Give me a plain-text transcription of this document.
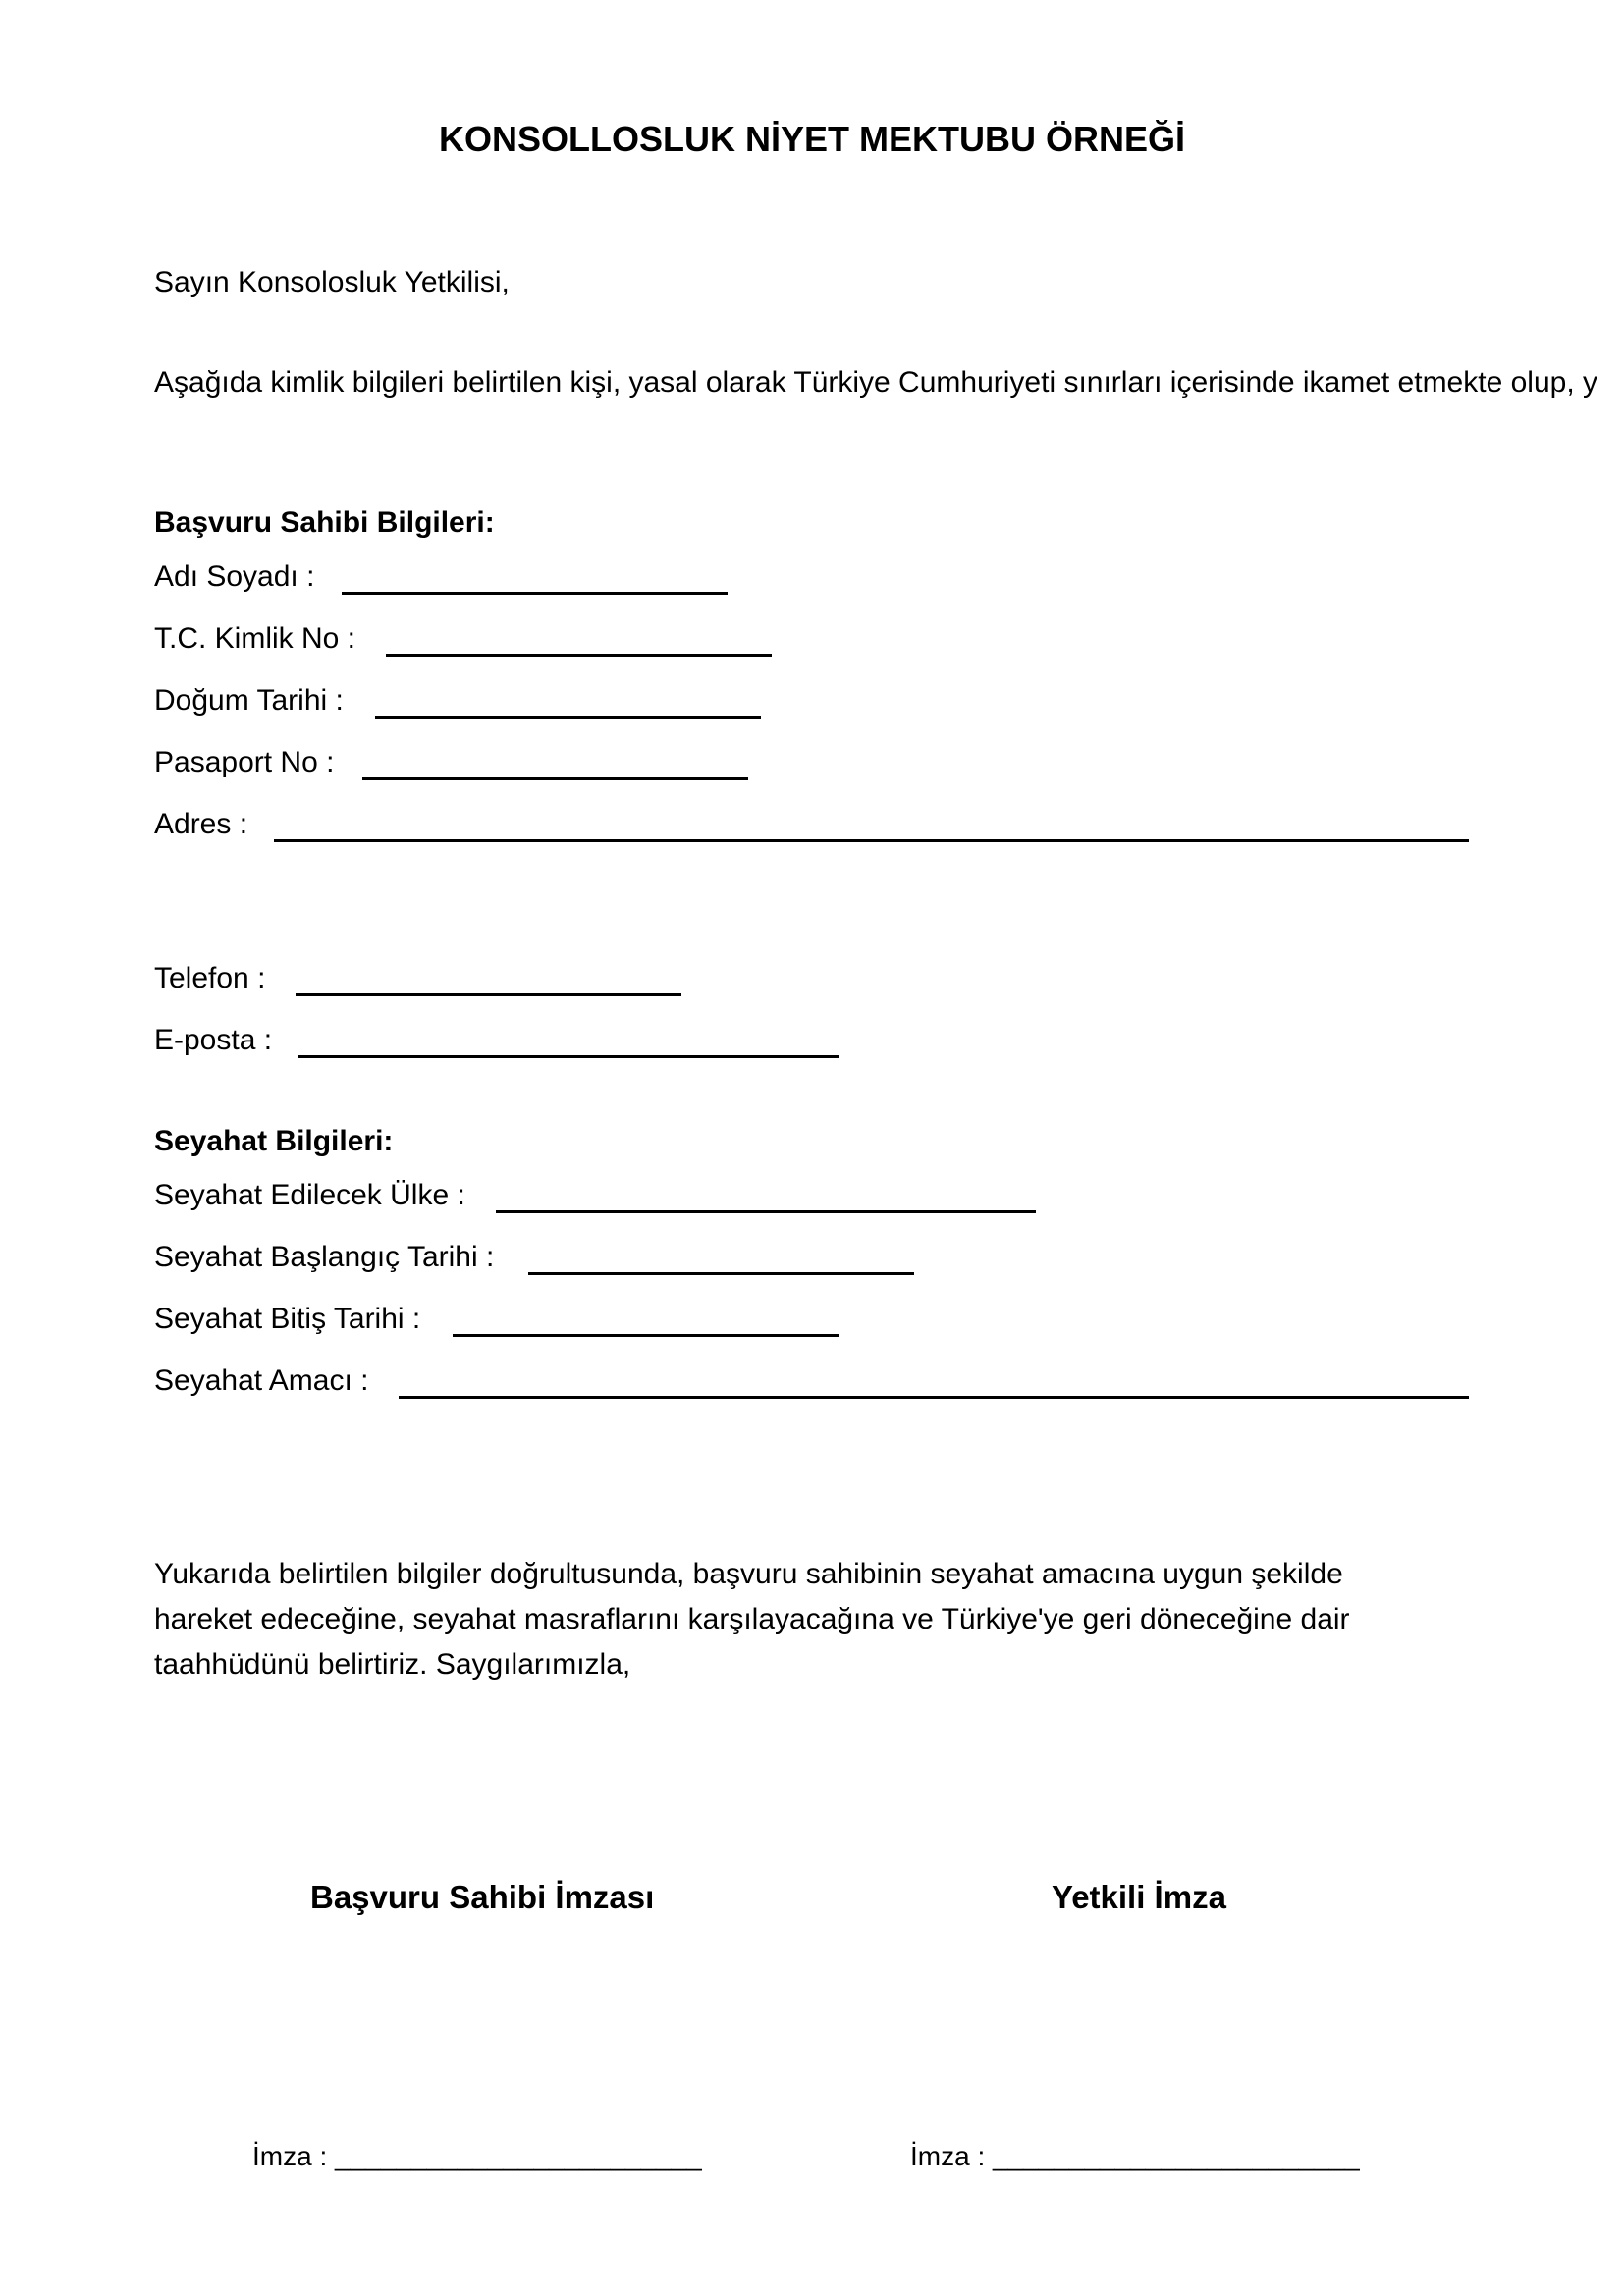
KONSOLLOSLUK NİYET MEKTUBU ÖRNEĞİ
Sayın Konsolosluk Yetkilisi,
Aşağıda kimlik bilgileri belirtilen kişi, yasal olarak Türkiye Cumhuriyeti sınırları içerisinde ikamet etmekte olup, y
Başvuru Sahibi Bilgileri:
Adı Soyadı :
T.C. Kimlik No :
Doğum Tarihi :
Pasaport No :
Adres :
Telefon :
E-posta :
Seyahat Bilgileri:
Seyahat Edilecek Ülke :
Seyahat Başlangıç Tarihi :
Seyahat Bitiş Tarihi :
Seyahat Amacı :
Yukarıda belirtilen bilgiler doğrultusunda, başvuru sahibinin seyahat amacına uygun şekilde
hareket edeceğine, seyahat masraflarını karşılayacağına ve Türkiye'ye geri döneceğine dair
taahhüdünü belirtiriz. Saygılarımızla,
Başvuru Sahibi İmzası	Yetkili İmza
İmza : ________________________	İmza : ________________________
